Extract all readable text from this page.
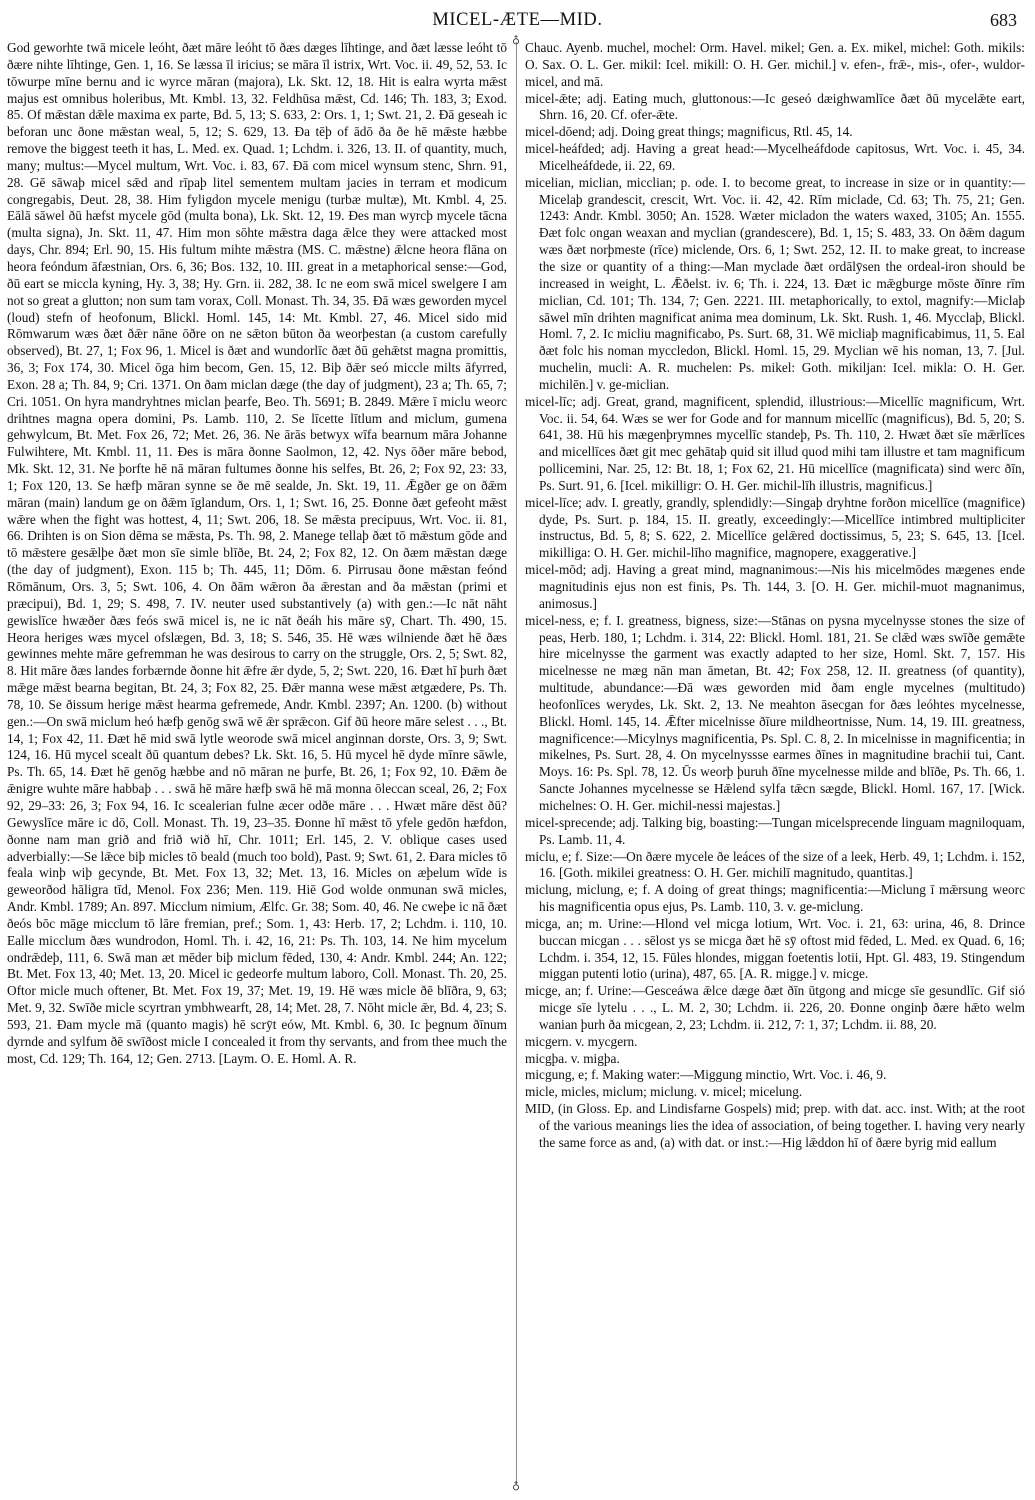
MICEL-ÆTE—MID.	683

God geworhte twā micele leóht, ðæt māre leóht tō ðæs dæges līhtinge, and ðæt læsse leóht tō ðære nihte līhtinge, Gen. 1, 16. Se læssa īl iricius; se māra īl istrix, Wrt. Voc. ii. 49, 52, 53. Ic tōwurpe mīne bernu and ic wyrce māran (majora), Lk. Skt. 12, 18. Hit is ealra wyrta mǣst majus est omnibus holeribus, Mt. Kmbl. 13, 32. Feldhūsa mǣst, Cd. 146; Th. 183, 3; Exod. 85. Of mǣstan dǣle maxima ex parte, Bd. 5, 13; S. 633, 2: Ors. 1, 1; Swt. 21, 2. Ðā geseah ic beforan unc ðone mǣstan weal, 5, 12; S. 629, 13. Ða tēþ of ādō ða ðe hē mǣste hæbbe remove the biggest teeth it has, L. Med. ex. Quad. 1; Lchdm. i. 326, 13. II. of quantity, much, many; multus:—Mycel multum, Wrt. Voc. i. 83, 67. Ðā com micel wynsum stenc, Shrn. 91, 28. Gē sāwaþ micel sǣd and rīpaþ litel sementem multam jacies in terram et modicum congregabis, Deut. 28, 38. Him fyligdon mycele menigu (turbæ multæ), Mt. Kmbl. 4, 25. Eālā sāwel ðū hæfst mycele gōd (multa bona), Lk. Skt. 12, 19. Ðes man wyrcþ mycele tācna (multa signa), Jn. Skt. 11, 47. Him mon sōhte mǣstra daga ǣlce they were attacked most days, Chr. 894; Erl. 90, 15. His fultum mihte mǣstra (MS. C. mǣstne) ǣlcne heora flāna on heora feóndum āfæstnian, Ors. 6, 36; Bos. 132, 10. III. great in a metaphorical sense:—God, ðū eart se miccla kyning, Hy. 3, 38; Hy. Grn. ii. 282, 38. Ic ne eom swā micel swelgere I am not so great a glutton; non sum tam vorax, Coll. Monast. Th. 34, 35. Ðā wæs geworden mycel (loud) stefn of heofonum, Blickl. Homl. 145, 14: Mt. Kmbl. 27, 46. Micel sido mid Rōmwarum wæs ðæt ðǣr nāne ōðre on ne sǣton būton ða weorþestan (a custom carefully observed), Bt. 27, 1; Fox 96, 1. Micel is ðæt and wundorlīc ðæt ðū gehǣtst magna promittis, 36, 3; Fox 174, 30. Micel ōga him becom, Gen. 15, 12. Biþ ðǣr seó miccle milts āfyrred, Exon. 28 a; Th. 84, 9; Cri. 1371. On ðam miclan dæge (the day of judgment), 23 a; Th. 65, 7; Cri. 1051. On hyra mandryhtnes miclan þearfe, Beo. Th. 5691; B. 2849. Mǣre ī miclu weorc drihtnes magna opera domini, Ps. Lamb. 110, 2. Se līcette lītlum and miclum, gumena gehwylcum, Bt. Met. Fox 26, 72; Met. 26, 36. Ne ārās betwyx wīfa bearnum māra Johanne Fulwihtere, Mt. Kmbl. 11, 11. Ðes is māra ðonne Saolmon, 12, 42. Nys ōðer māre bebod, Mk. Skt. 12, 31. Ne þorfte hē nā māran fultumes ðonne his selfes, Bt. 26, 2; Fox 92, 23: 33, 1; Fox 120, 13. Se hæfþ māran synne se ðe mē sealde, Jn. Skt. 19, 11. Ǣgðer ge on ðǣm māran (main) landum ge on ðǣm īglandum, Ors. 1, 1; Swt. 16, 25. Ðonne ðæt gefeoht mǣst wǣre when the fight was hottest, 4, 11; Swt. 206, 18. Se mǣsta precipuus, Wrt. Voc. ii. 81, 66. Drihten is on Sion dēma se mǣsta, Ps. Th. 98, 2. Manege tellaþ ðæt tō mǣstum gōde and tō mǣstere gesǣlþe ðæt mon sīe simle blīðe, Bt. 24, 2; Fox 82, 12. On ðæm mǣstan dæge (the day of judgment), Exon. 115 b; Th. 445, 11; Dōm. 6. Pirrusau ðone mǣstan feónd Rōmānum, Ors. 3, 5; Swt. 106, 4. On ðām wǣron ða ǣrestan and ða mǣstan (primi et præcipui), Bd. 1, 29; S. 498, 7. IV. neuter used substantively (a) with gen.:—Ic nāt nāht gewislīce hwæðer ðæs feós swā micel is, ne ic nāt ðeáh his māre sȳ, Chart. Th. 490, 15. Heora heriges wæs mycel ofslægen, Bd. 3, 18; S. 546, 35. Hē wæs wilniende ðæt hē ðæs gewinnes mehte māre gefremman he was desirous to carry on the struggle, Ors. 2, 5; Swt. 82, 8. Hit māre ðæs landes forbærnde ðonne hit ǣfre ǣr dyde, 5, 2; Swt. 220, 16. Ðæt hī þurh ðæt mǣge mǣst bearna begitan, Bt. 24, 3; Fox 82, 25. Ðǣr manna wese mǣst ætgædere, Ps. Th. 78, 10. Se ðissum herige mǣst hearma gefremede, Andr. Kmbl. 2397; An. 1200. (b) without gen.:—On swā miclum heó hæfþ genōg swā wē ǣr sprǣcon. Gif ðū heore māre selest . . ., Bt. 14, 1; Fox 42, 11. Ðæt hē mid swā lytle weorode swā micel anginnan dorste, Ors. 3, 9; Swt. 124, 16. Hū mycel scealt ðū quantum debes? Lk. Skt. 16, 5. Hū mycel hē dyde mīnre sāwle, Ps. Th. 65, 14. Ðæt hē genōg hæbbe and nō māran ne þurfe, Bt. 26, 1; Fox 92, 10. Ðǣm ðe ǣnigre wuhte māre habbaþ . . . swā hē māre hæfþ swā hē mā monna ōleccan sceal, 26, 2; Fox 92, 29–33: 26, 3; Fox 94, 16. Ic scealerian fulne æcer odðe māre . . . Hwæt māre dēst ðū? Gewyslīce māre ic dō, Coll. Monast. Th. 19, 23–35. Ðonne hī mǣst tō yfele gedōn hæfdon, ðonne nam man grið and frið wið hī, Chr. 1011; Erl. 145, 2. V. oblique cases used adverbially:—Se lǣce biþ micles tō beald (much too bold), Past. 9; Swt. 61, 2. Ðara micles tō feala winþ wiþ gecynde, Bt. Met. Fox 13, 32; Met. 13, 16. Micles on æþelum wīde is geweorðod hāligra tīd, Menol. Fox 236; Men. 119. Hiē God wolde onmunan swā micles, Andr. Kmbl. 1789; An. 897. Micclum nimium, Ælfc. Gr. 38; Som. 40, 46. Ne cweþe ic nā ðæt ðeós bōc māge micclum tō lāre fremian, pref.; Som. 1, 43: Herb. 17, 2; Lchdm. i. 110, 10. Ealle micclum ðæs wundrodon, Homl. Th. i. 42, 16, 21: Ps. Th. 103, 14. Ne him mycelum ondrǣdeþ, 111, 6. Swā man æt mēder biþ miclum fēded, 130, 4: Andr. Kmbl. 244; An. 122; Bt. Met. Fox 13, 40; Met. 13, 20. Micel ic gedeorfe multum laboro, Coll. Monast. Th. 20, 25. Oftor micle much oftener, Bt. Met. Fox 19, 37; Met. 19, 19. Hē wæs micle ðē blīðra, 9, 63; Met. 9, 32. Swīðe micle scyrtran ymbhwearft, 28, 14; Met. 28, 7. Nōht micle ǣr, Bd. 4, 23; S. 593, 21. Ðam mycle mā (quanto magis) hē scrȳt eów, Mt. Kmbl. 6, 30. Ic þegnum ðīnum dyrnde and sylfum ðē swīðost micle I concealed it from thy servants, and from thee much the most, Cd. 129; Th. 164, 12; Gen. 2713. [Laym. O. E. Homl. A. R.

♁
♁

Chauc. Ayenb. muchel, mochel: Orm. Havel. mikel; Gen. a. Ex. mikel, michel: Goth. mikils: O. Sax. O. L. Ger. mikil: Icel. mikill: O. H. Ger. michil.] v. efen-, frǣ-, mis-, ofer-, wuldor-micel, and mā.

micel-ǣte; adj. Eating much, gluttonous:—Ic geseó dæighwamlīce ðæt ðū mycelǣte eart, Shrn. 16, 20. Cf. ofer-ǣte.

micel-dōend; adj. Doing great things; magnificus, Rtl. 45, 14.

micel-heáfded; adj. Having a great head:—Mycelheáfdode capitosus, Wrt. Voc. i. 45, 34. Micelheáfdede, ii. 22, 69.

micelian, miclian, micclian; p. ode. I. to become great, to increase in size or in quantity:—Micelaþ grandescit, crescit, Wrt. Voc. ii. 42, 42. Rīm miclade, Cd. 63; Th. 75, 21; Gen. 1243: Andr. Kmbl. 3050; An. 1528. Wæter micladon the waters waxed, 3105; An. 1555. Ðæt folc ongan weaxan and myclian (grandescere), Bd. 1, 15; S. 483, 33. On ðǣm dagum wæs ðæt norþmeste (rīce) miclende, Ors. 6, 1; Swt. 252, 12. II. to make great, to increase the size or quantity of a thing:—Man myclade ðæt ordālȳsen the ordeal-iron should be increased in weight, L. Ǣðelst. iv. 6; Th. i. 224, 13. Ðæt ic mǣgburge mōste ðīnre rīm miclian, Cd. 101; Th. 134, 7; Gen. 2221. III. metaphorically, to extol, magnify:—Miclaþ sāwel mīn drihten magnificat anima mea dominum, Lk. Skt. Rush. 1, 46. Mycclaþ, Blickl. Homl. 7, 2. Ic micliu magnificabo, Ps. Surt. 68, 31. Wē micliaþ magnificabimus, 11, 5. Eal ðæt folc his noman myccledon, Blickl. Homl. 15, 29. Myclian wē his noman, 13, 7. [Jul. muchelin, mucli: A. R. muchelen: Ps. mikel: Goth. mikiljan: Icel. mikla: O. H. Ger. michilēn.] v. ge-miclian.

micel-līc; adj. Great, grand, magnificent, splendid, illustrious:—Micellīc magnificum, Wrt. Voc. ii. 54, 64. Wæs se wer for Gode and for mannum micellīc (magnificus), Bd. 5, 20; S. 641, 38. Hū his mægenþrymnes mycellīc standeþ, Ps. Th. 110, 2. Hwæt ðæt sīe mǣrlīces and micellīces ðæt git mec gehātaþ quid sit illud quod mihi tam illustre et tam magnificum pollicemini, Nar. 25, 12: Bt. 18, 1; Fox 62, 21. Hū micellīce (magnificata) sind werc ðīn, Ps. Surt. 91, 6. [Icel. mikilligr: O. H. Ger. michil-līh illustris, magnificus.]

micel-līce; adv. I. greatly, grandly, splendidly:—Singaþ dryhtne forðon micellīce (magnifice) dyde, Ps. Surt. p. 184, 15. II. greatly, exceedingly:—Micellīce intimbred multipliciter instructus, Bd. 5, 8; S. 622, 2. Micellīce gelǣred doctissimus, 5, 23; S. 645, 13. [Icel. mikilliga: O. H. Ger. michil-līho magnifice, magnopere, exaggerative.]

micel-mōd; adj. Having a great mind, magnanimous:—Nis his micelmōdes mægenes ende magnitudinis ejus non est finis, Ps. Th. 144, 3. [O. H. Ger. michil-muot magnanimus, animosus.]

micel-ness, e; f. I. greatness, bigness, size:—Stānas on pysna mycelnysse stones the size of peas, Herb. 180, 1; Lchdm. i. 314, 22: Blickl. Homl. 181, 21. Se clǣd wæs swīðe gemǣte hire micelnysse the garment was exactly adapted to her size, Homl. Skt. 7, 157. His micelnesse ne mæg nān man āmetan, Bt. 42; Fox 258, 12. II. greatness (of quantity), multitude, abundance:—Ðā wæs geworden mid ðam engle mycelnes (multitudo) heofonlīces werydes, Lk. Skt. 2, 13. Ne meahton āsecgan for ðæs leóhtes mycelnesse, Blickl. Homl. 145, 14. Ǣfter micelnisse ðīure mildheortnisse, Num. 14, 19. III. greatness, magnificence:—Micylnys magnificentia, Ps. Spl. C. 8, 2. In micelnisse in magnificentia; in mikelnes, Ps. Surt. 28, 4. On mycelnyssse earmes ðīnes in magnitudine brachii tui, Cant. Moys. 16: Ps. Spl. 78, 12. Ūs weorþ þuruh ðīne mycelnesse milde and blīðe, Ps. Th. 66, 1. Sancte Johannes mycelnesse se Hǣlend sylfa tǣcn sægde, Blickl. Homl. 167, 17. [Wick. michelnes: O. H. Ger. michil-nessi majestas.]

micel-sprecende; adj. Talking big, boasting:—Tungan micelsprecende linguam magniloquam, Ps. Lamb. 11, 4.

miclu, e; f. Size:—On ðære mycele ðe leáces of the size of a leek, Herb. 49, 1; Lchdm. i. 152, 16. [Goth. mikilei greatness: O. H. Ger. michilī magnitudo, quantitas.]

miclung, miclung, e; f. A doing of great things; magnificentia:—Miclung ī mǣrsung weorc his magnificentia opus ejus, Ps. Lamb. 110, 3. v. ge-miclung.

micga, an; m. Urine:—Hlond vel micga lotium, Wrt. Voc. i. 21, 63: urina, 46, 8. Drince buccan micgan . . . sēlost ys se micga ðæt hē sȳ oftost mid fēded, L. Med. ex Quad. 6, 16; Lchdm. i. 354, 12, 15. Fūles hlondes, miggan foetentis lotii, Hpt. Gl. 483, 19. Stingendum miggan putenti lotio (urina), 487, 65. [A. R. migge.] v. micge.

micge, an; f. Urine:—Gesceáwa ǣlce dæge ðæt ðīn ūtgong and micge sīe gesundlīc. Gif sió micge sīe lytelu . . ., L. M. 2, 30; Lchdm. ii. 226, 20. Ðonne onginþ ðære hǣto welm wanian þurh ða micgean, 2, 23; Lchdm. ii. 212, 7: 1, 37; Lchdm. ii. 88, 20.

micgern. v. mycgern.

micgþa. v. migþa.

micgung, e; f. Making water:—Miggung minctio, Wrt. Voc. i. 46, 9.

micle, micles, miclum; miclung. v. micel; micelung.

MID, (in Gloss. Ep. and Lindisfarne Gospels) mid; prep. with dat. acc. inst. With; at the root of the various meanings lies the idea of association, of being together. I. having very nearly the same force as and, (a) with dat. or inst.:—Hig lǣddon hī of ðære byrig mid eallum
